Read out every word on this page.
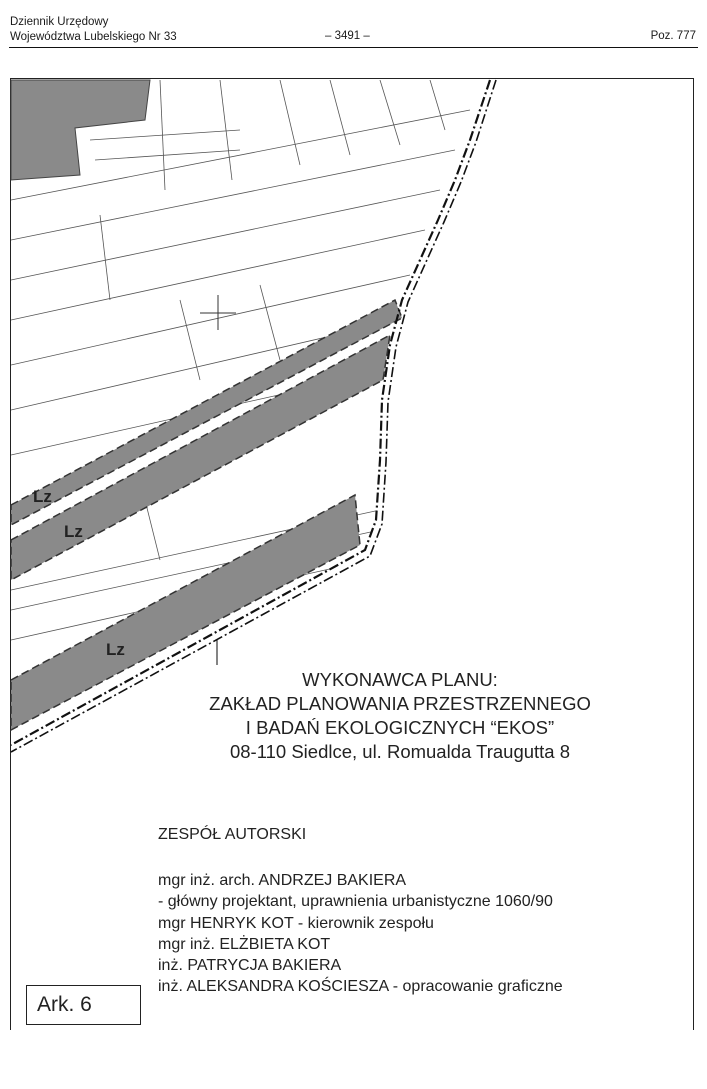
Dziennik Urzędowy
Województwa Lubelskiego Nr 33	– 3491 –	Poz. 777
Lz
Lz
Lz
WYKONAWCA PLANU:
ZAKŁAD PLANOWANIA PRZESTRZENNEGO
I BADAŃ EKOLOGICZNYCH “EKOS”
08-110 Siedlce, ul. Romualda Traugutta 8
ZESPÓŁ AUTORSKI
mgr inż. arch. ANDRZEJ BAKIERA
- główny projektant, uprawnienia urbanistyczne 1060/90
mgr HENRYK KOT - kierownik zespołu
mgr inż. ELŻBIETA KOT
inż. PATRYCJA BAKIERA
inż. ALEKSANDRA KOŚCIESZA - opracowanie graficzne
Ark. 6
